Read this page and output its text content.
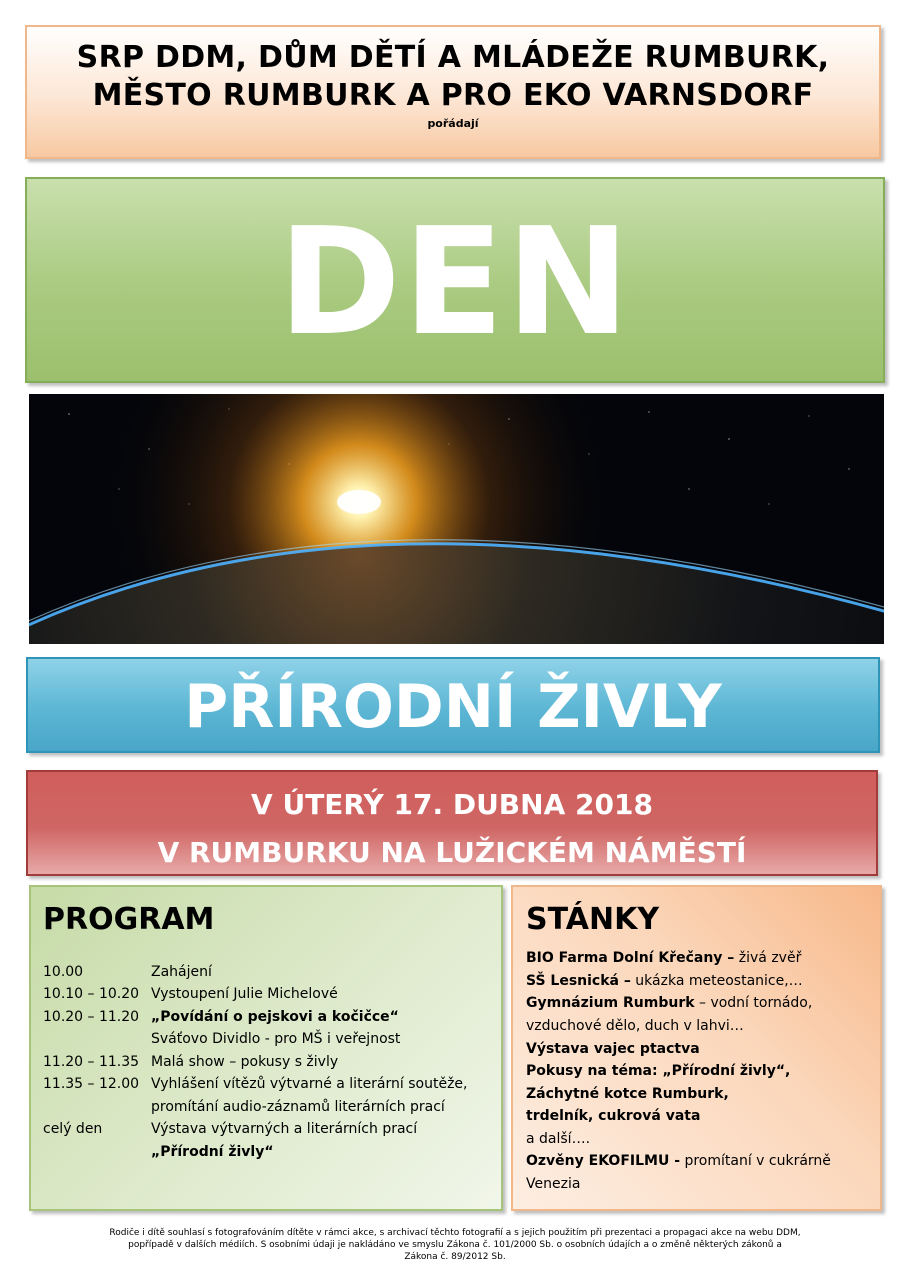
SRP DDM, DŮM DĚTÍ A MLÁDEŽE RUMBURK,
MĚSTO RUMBURK A PRO EKO VARNSDORF
pořádají
DEN
PŘÍRODNÍ ŽIVLY
V ÚTERÝ 17. DUBNA 2018
V RUMBURKU NA LUŽICKÉM NÁMĚSTÍ
PROGRAM
10.00	Zahájení
10.10 – 10.20 Vystoupení Julie Michelové
10.20 – 11.20 „Povídání o pejskovi a kočičce“
Sváťovo Dividlo - pro MŠ i veřejnost
11.20 – 11.35 Malá show – pokusy s živly
11.35 – 12.00 Vyhlášení vítězů výtvarné a literární soutěže,
promítání audio-záznamů literárních prací
celý den	Výstava výtvarných a literárních prací
„Přírodní živly“
STÁNKY
BIO Farma Dolní Křečany – živá zvěř
SŠ Lesnická – ukázka meteostanice,…
Gymnázium Rumburk – vodní tornádo,
vzduchové dělo, duch v lahvi…
Výstava vajec ptactva
Pokusy na téma: „Přírodní živly“,
Záchytné kotce Rumburk,
trdelník, cukrová vata
a další….
Ozvěny EKOFILMU - promítaní v cukrárně
Venezia
Rodiče i dítě souhlasí s fotografováním dítěte v rámci akce, s archivací těchto fotografií a s jejich použitím při prezentaci a propagaci akce na webu DDM,
popřípadě v dalších médiích. S osobními údaji je nakládáno ve smyslu Zákona č. 101/2000 Sb. o osobních údajích a o změně některých zákonů a
Zákona č. 89/2012 Sb.
